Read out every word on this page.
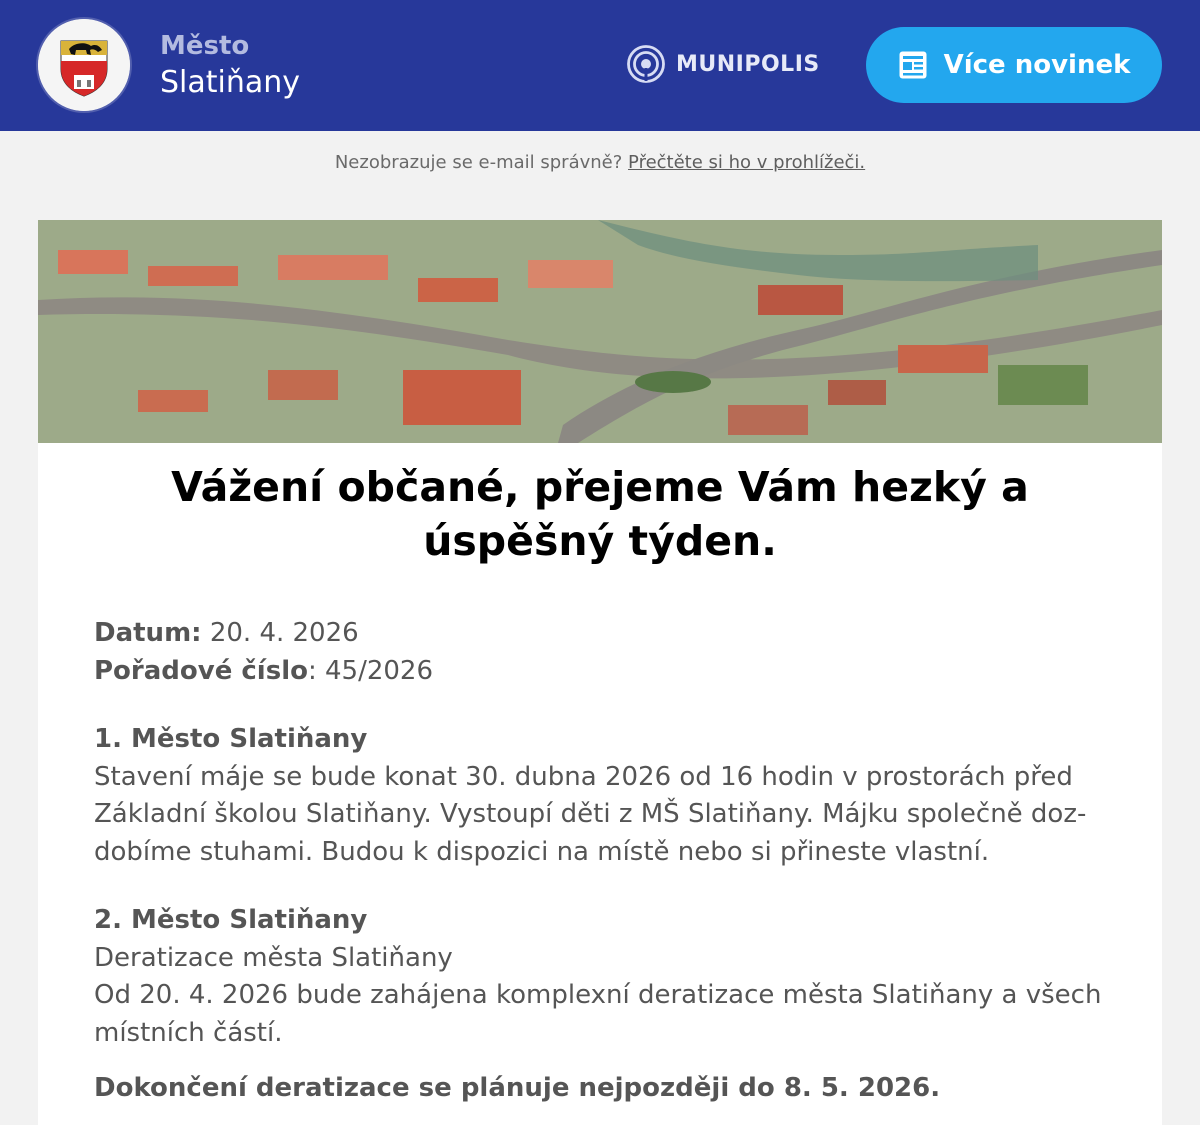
Město
Slatiňany
MUNIPOLIS	Více novinek
Nezobrazuje se e-mail správně? Přečtěte si ho v prohlížeči.
Vážení občané, přejeme Vám hezký a úspěšný týden.
Datum: 20. 4. 2026
Pořadové číslo: 45/2026
1. Město Slatiňany

Stavení máje se bude konat 30. dubna 2026 od 16 hodin v prostorách před Základní školou Slatiňany. Vystoupí děti z MŠ Slatiňany. Májku společně doz-dobíme stuhami. Budou k dispozici na místě nebo si přineste vlastní.

2. Město Slatiňany

Deratizace města Slatiňany

Od 20. 4. 2026 bude zahájena komplexní deratizace města Slatiňany a všech místních částí.

Dokončení deratizace se plánuje nejpozději do 8. 5. 2026.
